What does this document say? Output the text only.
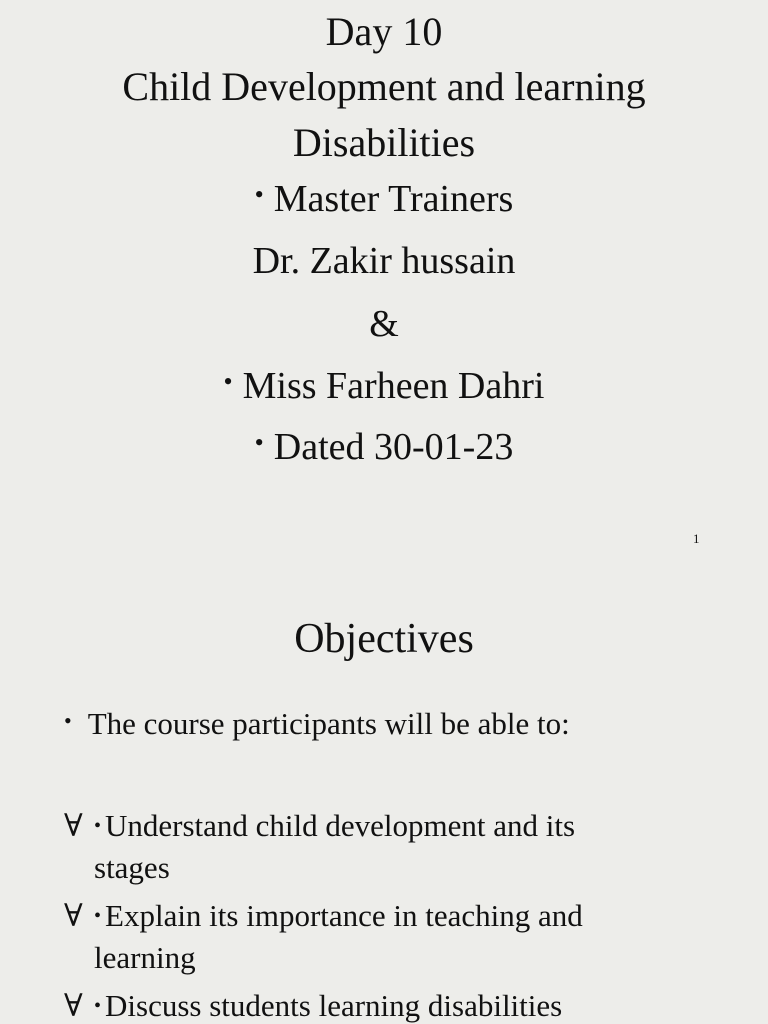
Day 10
Child Development and learning
Disabilities
• Master Trainers
Dr. Zakir hussain
&
• Miss Farheen Dahri
• Dated 30-01-23
1
Objectives
• The course participants will be able to:
∀ • Understand child development and its
stages
∀ • Explain its importance in teaching and
learning
∀ • Discuss students learning disabilities
